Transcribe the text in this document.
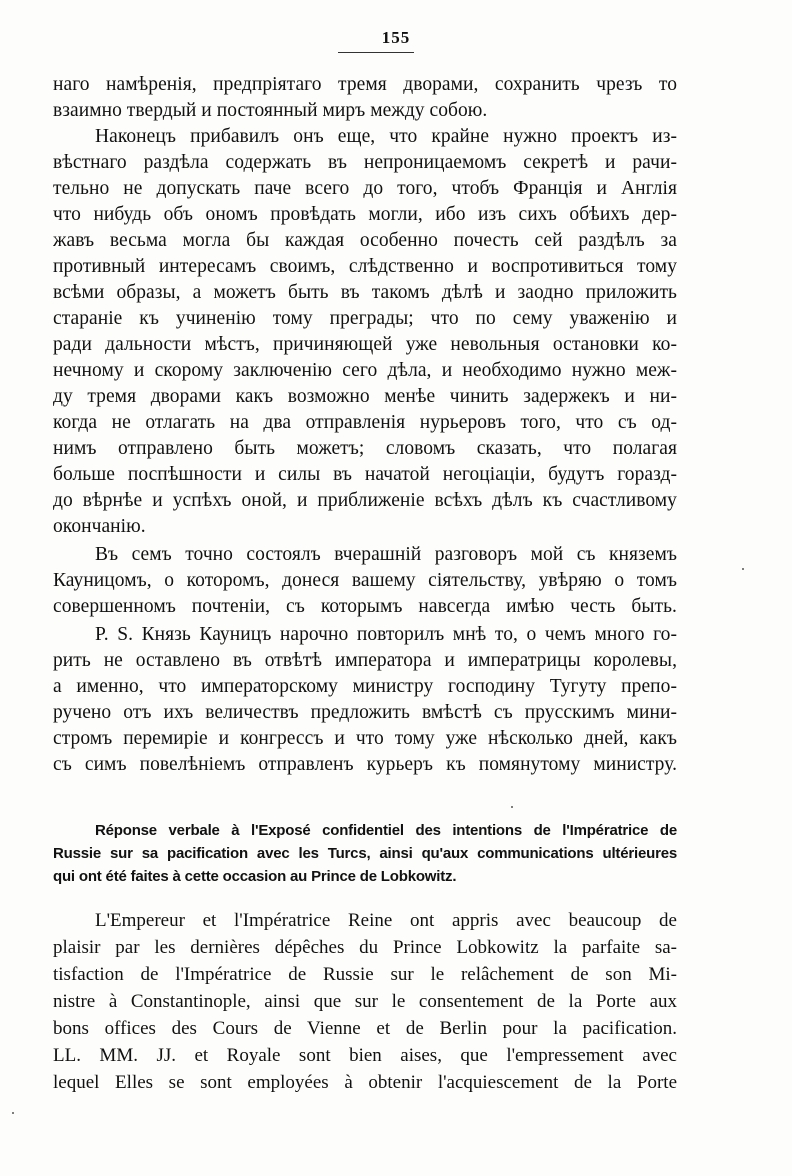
155
наго намѣренія, предпріятаго тремя дворами, сохранить чрезъ то
взаимно твердый и постоянный миръ между собою.
Наконецъ прибавилъ онъ еще, что крайне нужно проектъ из-
вѣстнаго раздѣла содержать въ непроницаемомъ секретѣ и рачи-
тельно не допускать паче всего до того, чтобъ Франція и Англія
что нибудь объ ономъ провѣдать могли, ибо изъ сихъ обѣихъ дер-
жавъ весьма могла бы каждая особенно почесть сей раздѣлъ за
противный интересамъ своимъ, слѣдственно и воспротивиться тому
всѣми образы, а можетъ быть въ такомъ дѣлѣ и заодно приложить
стараніе къ учиненію тому преграды; что по сему уваженію и
ради дальности мѣстъ, причиняющей уже невольныя остановки ко-
нечному и скорому заключенію сего дѣла, и необходимо нужно меж-
ду тремя дворами какъ возможно менѣе чинить задержекъ и ни-
когда не отлагать на два отправленія нурьеровъ того, что съ од-
нимъ отправлено быть можетъ; словомъ сказать, что полагая
больше поспѣшности и силы въ начатой негоціаціи, будутъ горазд-
до вѣрнѣе и успѣхъ оной, и приближеніе всѣхъ дѣлъ къ счастливому
окончанію.
Въ семъ точно состоялъ вчерашній разговоръ мой съ княземъ
Кауницомъ, о которомъ, донеся вашему сіятельству, увѣряю о томъ
совершенномъ почтеніи, съ которымъ навсегда имѣю честь быть.
P. S. Князь Кауницъ нарочно повторилъ мнѣ то, о чемъ много го-
рить не оставлено въ отвѣтѣ императора и императрицы королевы,
а именно, что императорскому министру господину Тугуту препо-
ручено отъ ихъ величествъ предложить вмѣстѣ съ прусскимъ мини-
стромъ перемиріе и конгрессъ и что тому уже нѣсколько дней, какъ
съ симъ повелѣніемъ отправленъ курьеръ къ помянутому министру.
Réponse verbale à l'Exposé confidentiel des intentions de l'Impératrice de
Russie sur sa pacification avec les Turcs, ainsi qu'aux communications ultérieures
qui ont été faites à cette occasion au Prince de Lobkowitz.
L'Empereur et l'Impératrice Reine ont appris avec beaucoup de
plaisir par les dernières dépêches du Prince Lobkowitz la parfaite sa-
tisfaction de l'Impératrice de Russie sur le relâchement de son Mi-
nistre à Constantinople, ainsi que sur le consentement de la Porte aux
bons offices des Cours de Vienne et de Berlin pour la pacification.
LL. MM. JJ. et Royale sont bien aises, que l'empressement avec
lequel Elles se sont employées à obtenir l'acquiescement de la Porte
